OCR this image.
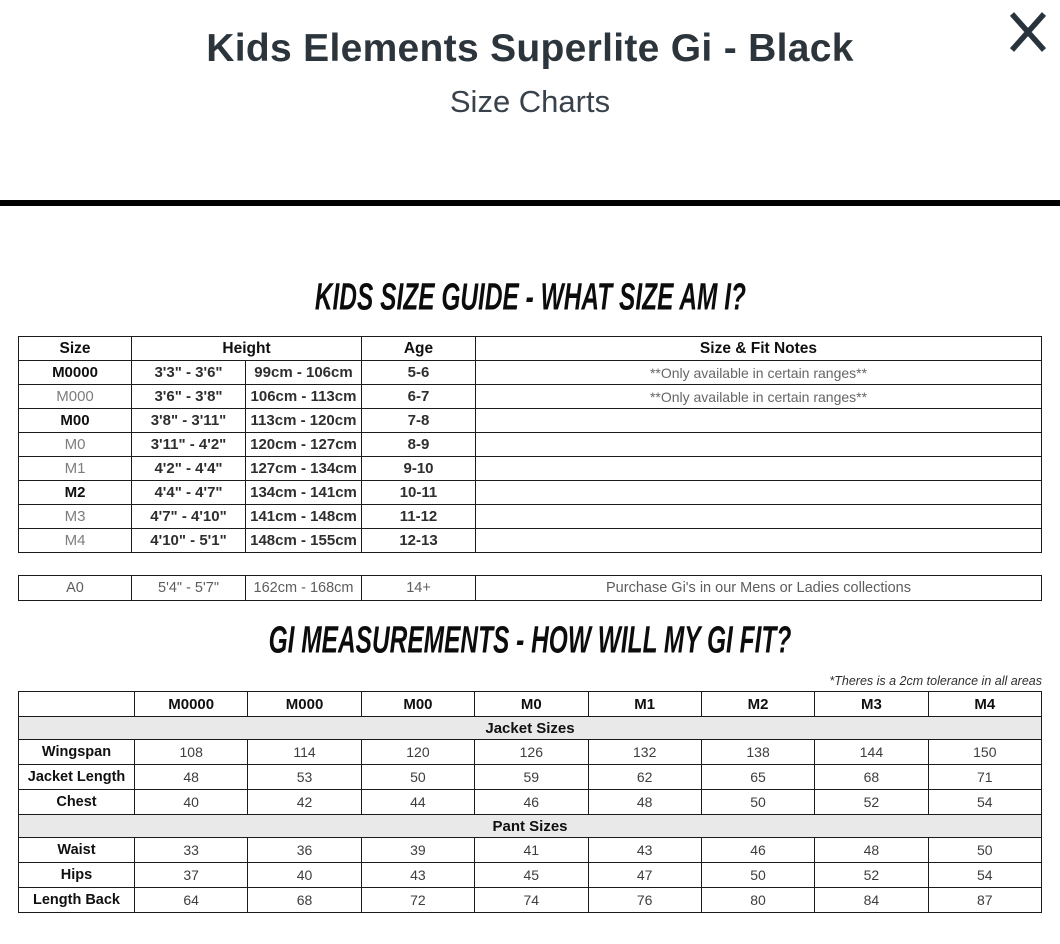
Kids Elements Superlite Gi - Black
Size Charts
KIDS SIZE GUIDE - WHAT SIZE AM I?
Size	Height		Age	Size & Fit Notes
M0000	3'3" - 3'6"	99cm - 106cm	5-6	**Only available in certain ranges**
M000	3'6" - 3'8"	106cm - 113cm	6-7	**Only available in certain ranges**
M00	3'8" - 3'11"	113cm - 120cm	7-8	
M0	3'11" - 4'2"	120cm - 127cm	8-9	
M1	4'2" - 4'4"	127cm - 134cm	9-10	
M2	4'4" - 4'7"	134cm - 141cm	10-11	
M3	4'7" - 4'10"	141cm - 148cm	11-12	
M4	4'10" - 5'1"	148cm - 155cm	12-13	
A0	5'4" - 5'7"	162cm - 168cm	14+	Purchase Gi's in our Mens or Ladies collections
GI MEASUREMENTS - HOW WILL MY GI FIT?
*Theres is a 2cm tolerance in all areas
	M0000	M000	M00	M0	M1	M2	M3	M4
Jacket Sizes								
Wingspan	108	114	120	126	132	138	144	150
Jacket Length	48	53	50	59	62	65	68	71
Chest	40	42	44	46	48	50	52	54
Pant Sizes								
Waist	33	36	39	41	43	46	48	50
Hips	37	40	43	45	47	50	52	54
Length Back	64	68	72	74	76	80	84	87
